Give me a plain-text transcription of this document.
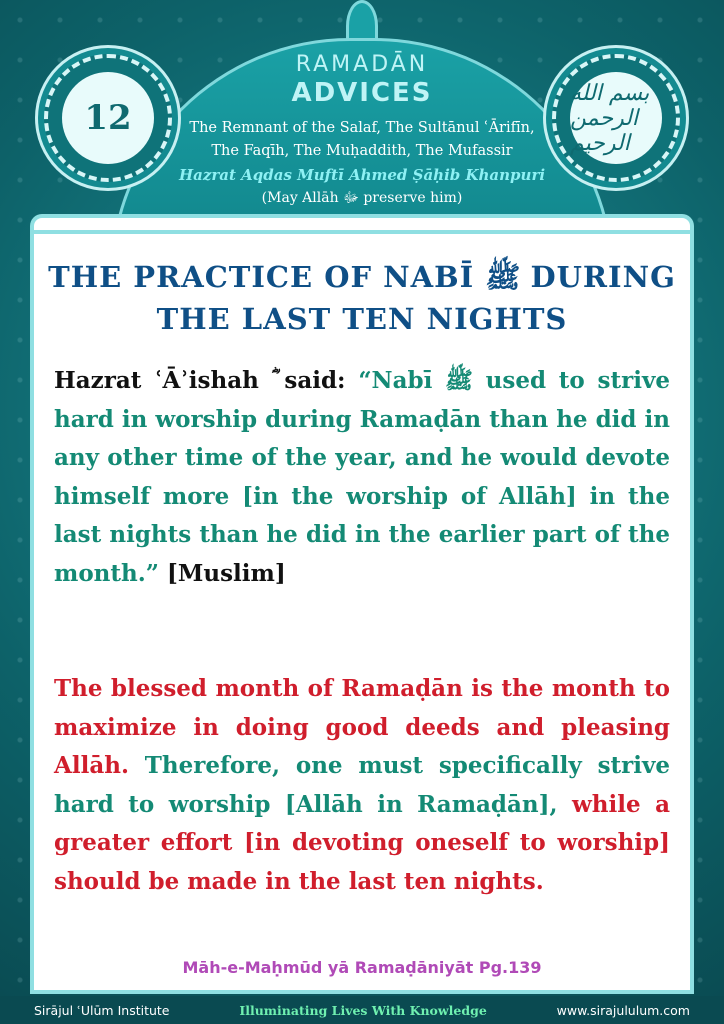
12
بسم الله الرحمن الرحيم
RAMADĀN
ADVICES
The Remnant of the Salaf, The Sultānul ʿĀrifīn,
The Faqīh, The Muḥaddith, The Mufassir
Hazrat Aqdas Muftī Ahmed Ṣāḥib Khanpuri
(May Allāh ﷻ preserve him)
THE PRACTICE OF NABĪ ﷺ DURING THE LAST TEN NIGHTS
Hazrat ʿĀʾishah ؓ said: “Nabī ﷺ used to strive hard in worship during Ramaḍān than he did in any other time of the year, and he would devote himself more [in the worship of Allāh] in the last nights than he did in the earlier part of the month.” [Muslim]
The blessed month of Ramaḍān is the month to maximize in doing good deeds and pleasing Allāh. Therefore, one must specifically strive hard to worship [Allāh in Ramaḍān], while a greater effort [in devoting oneself to worship] should be made in the last ten nights.
Māh-e-Maḥmūd yā Ramaḍāniyāt Pg.139
Sirājul ʿUlūm Institute	Illuminating Lives With Knowledge	www.sirajululum.com
